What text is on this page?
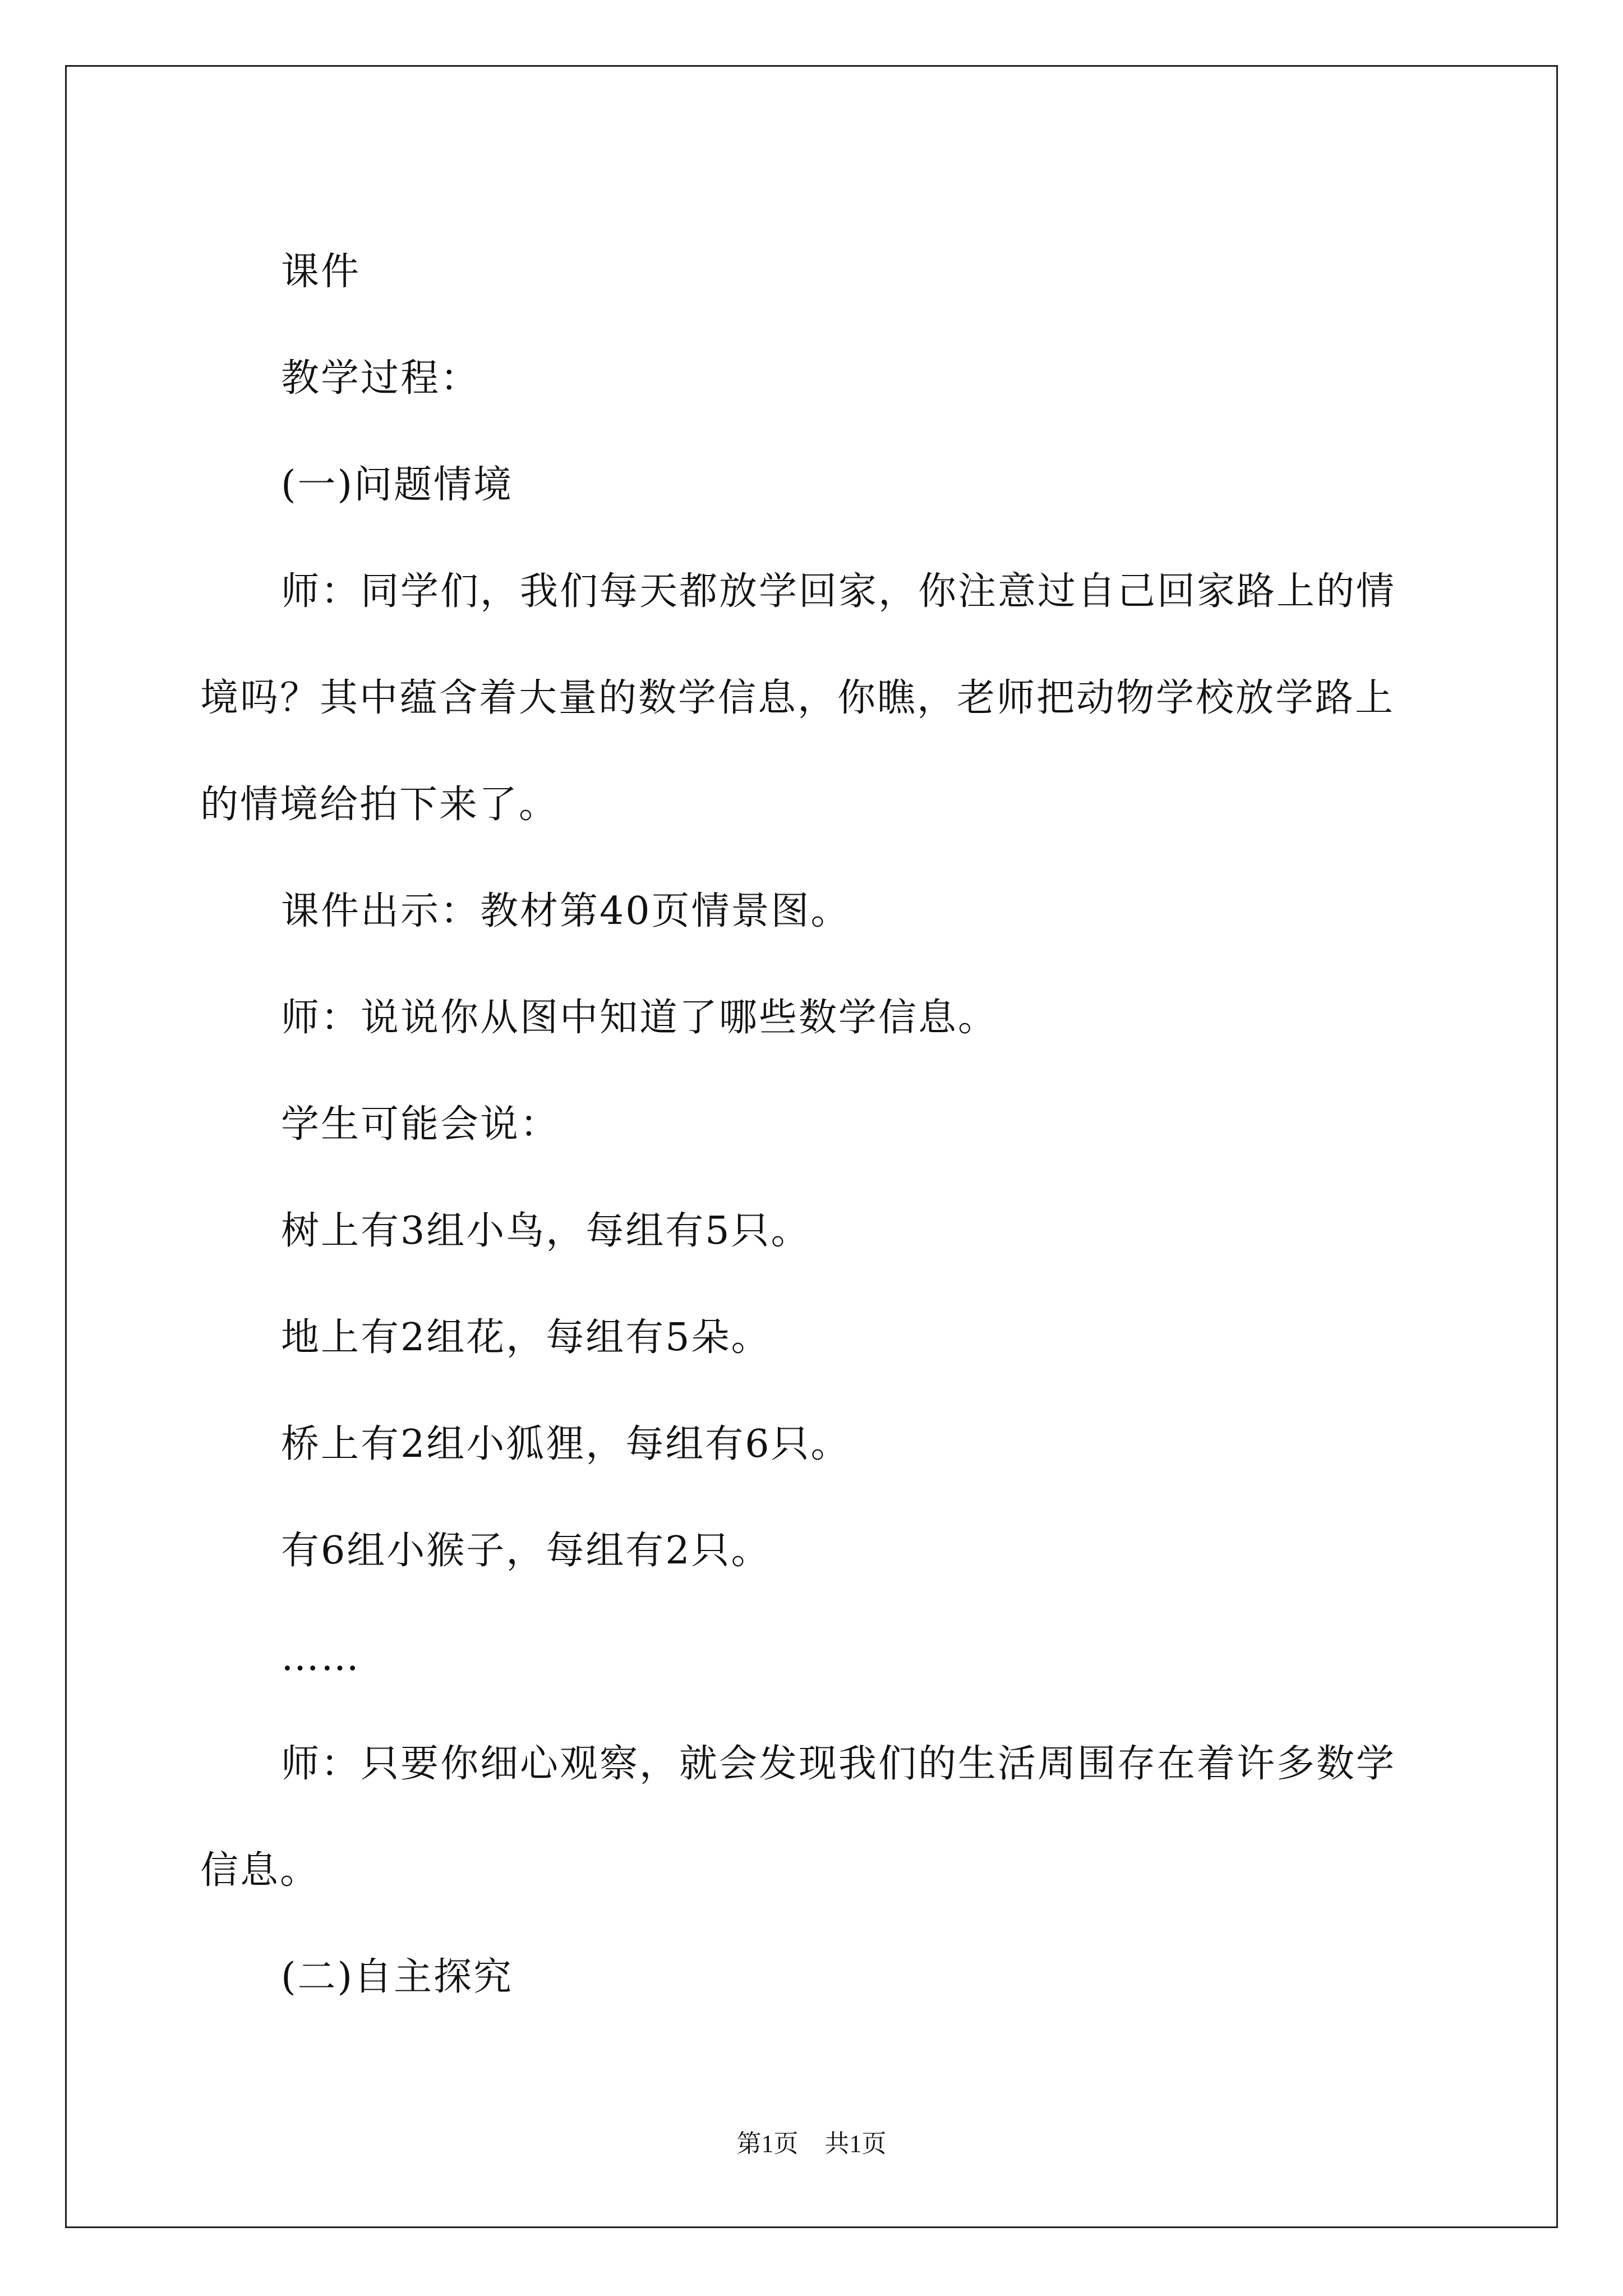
课件

教学过程：

(一)问题情境

师：同学们，我们每天都放学回家，你注意过自己回家路上的情境吗？其中蕴含着大量的数学信息，你瞧，老师把动物学校放学路上的情境给拍下来了。

课件出示：教材第40页情景图。

师：说说你从图中知道了哪些数学信息。

学生可能会说：

树上有3组小鸟，每组有5只。

地上有2组花，每组有5朵。

桥上有2组小狐狸，每组有6只。

有6组小猴子，每组有2只。

……

师：只要你细心观察，就会发现我们的生活周围存在着许多数学信息。

(二)自主探究

第1页 共1页
